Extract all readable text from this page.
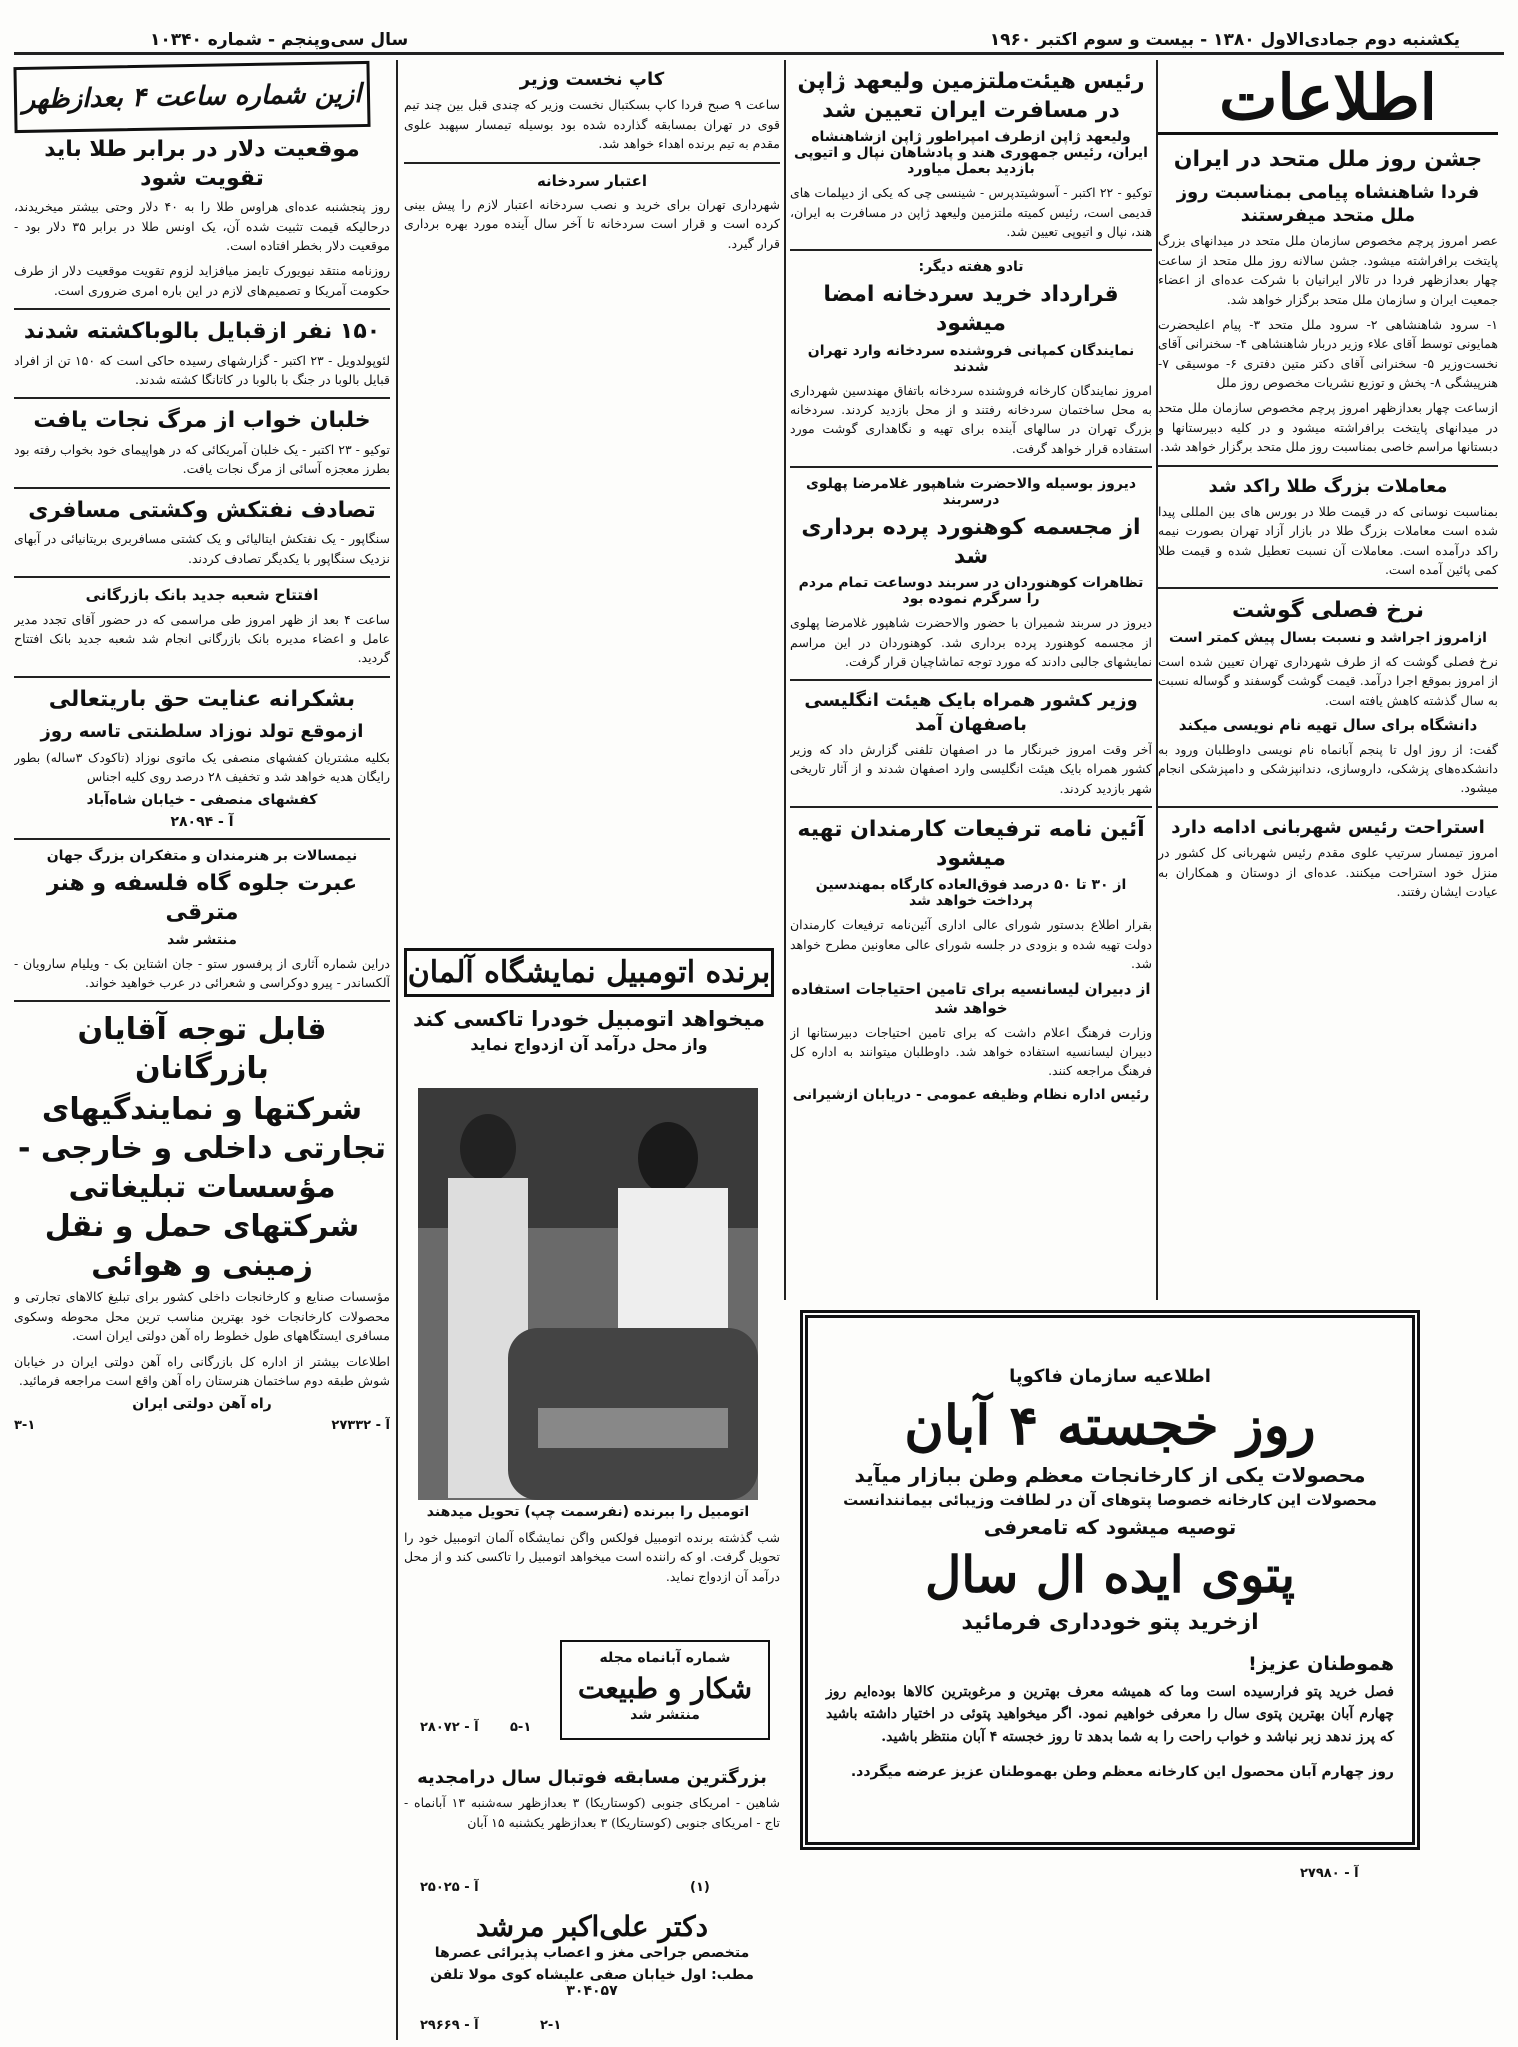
یکشنبه دوم جمادی‌الاول ۱۳۸۰ - بیست و سوم اکتبر ۱۹۶۰
سال سی‌وپنجم - شماره ۱۰۳۴۰
اطلاعات
ازین شماره ساعت ۴ بعدازظهر
جشن روز ملل متحد در ایران
فردا شاهنشاه پیامی بمناسبت روز ملل متحد میفرستند

عصر امروز پرچم مخصوص سازمان ملل متحد در میدانهای بزرگ پایتخت برافراشته میشود. جشن سالانه روز ملل متحد از ساعت چهار بعدازظهر فردا در تالار ایرانیان با شرکت عده‌ای از اعضاء جمعیت ایران و سازمان ملل متحد برگزار خواهد شد.

۱- سرود شاهنشاهی ۲- سرود ملل متحد ۳- پیام اعلیحضرت همایونی توسط آقای علاء وزیر دربار شاهنشاهی ۴- سخنرانی آقای نخست‌وزیر ۵- سخنرانی آقای دکتر متین دفتری ۶- موسیقی ۷- هنرپیشگی ۸- پخش و توزیع نشریات مخصوص روز ملل

ازساعت چهار بعدازظهر امروز پرچم مخصوص سازمان ملل متحد در میدانهای پایتخت برافراشته میشود و در کلیه دبیرستانها و دبستانها مراسم خاصی بمناسبت روز ملل متحد برگزار خواهد شد.

معاملات بزرگ طلا راکد شد

بمناسبت نوسانی که در قیمت طلا در بورس های بین المللی پیدا شده است معاملات بزرگ طلا در بازار آزاد تهران بصورت نیمه راکد درآمده است. معاملات آن نسبت تعطیل شده و قیمت طلا کمی پائین آمده است.

نرخ فصلی گوشت
ازامروز اجراشد و نسبت بسال پیش کمتر است

نرخ فصلی گوشت که از طرف شهرداری تهران تعیین شده است از امروز بموقع اجرا درآمد. قیمت گوشت گوسفند و گوساله نسبت به سال گذشته کاهش یافته است.

دانشگاه برای سال تهیه نام نویسی میکند

گفت: از روز اول تا پنجم آبانماه نام نویسی داوطلبان ورود به دانشکده‌های پزشکی، داروسازی، دندانپزشکی و دامپزشکی انجام میشود.

استراحت رئیس شهربانی ادامه دارد

امروز تیمسار سرتیپ علوی مقدم رئیس شهربانی کل کشور در منزل خود استراحت میکنند. عده‌ای از دوستان و همکاران به عیادت ایشان رفتند.

رئیس هیئت‌ملتزمین ولیعهد ژاپن در مسافرت ایران تعیین شد
ولیعهد ژاپن ازطرف امپراطور ژاپن ازشاهنشاه ایران، رئیس جمهوری هند و پادشاهان نپال و اتیوپی بازدید بعمل میاورد

توکیو - ۲۲ اکتبر - آسوشیتدپرس - شینسی چی که یکی از دیپلمات های قدیمی است، رئیس کمیته ملتزمین ولیعهد ژاپن در مسافرت به ایران، هند، نپال و اتیوپی تعیین شد.

تادو هفته دیگر:
قرارداد خرید سردخانه امضا میشود
نمایندگان کمپانی فروشنده سردخانه وارد تهران شدند

امروز نمایندگان کارخانه فروشنده سردخانه باتفاق مهندسین شهرداری به محل ساختمان سردخانه رفتند و از محل بازدید کردند. سردخانه بزرگ تهران در سالهای آینده برای تهیه و نگاهداری گوشت مورد استفاده قرار خواهد گرفت.

دیروز بوسیله والاحضرت شاهپور غلامرضا پهلوی درسربند
از مجسمه کوهنورد پرده برداری شد
تظاهرات کوهنوردان در سربند دوساعت تمام مردم را سرگرم نموده بود

دیروز در سربند شمیران با حضور والاحضرت شاهپور غلامرضا پهلوی از مجسمه کوهنورد پرده برداری شد. کوهنوردان در این مراسم نمایشهای جالبی دادند که مورد توجه تماشاچیان قرار گرفت.

وزیر کشور همراه بایک هیئت انگلیسی باصفهان آمد

آخر وقت امروز خبرنگار ما در اصفهان تلفنی گزارش داد که وزیر کشور همراه بایک هیئت انگلیسی وارد اصفهان شدند و از آثار تاریخی شهر بازدید کردند.

آئین نامه ترفیعات کارمندان تهیه میشود
از ۳۰ تا ۵۰ درصد فوق‌العاده کارگاه بمهندسین پرداخت خواهد شد

بقرار اطلاع بدستور شورای عالی اداری آئین‌نامه ترفیعات کارمندان دولت تهیه شده و بزودی در جلسه شورای عالی معاونین مطرح خواهد شد.

از دبیران لیسانسیه برای تامین احتیاجات استفاده خواهد شد

وزارت فرهنگ اعلام داشت که برای تامین احتیاجات دبیرستانها از دبیران لیسانسیه استفاده خواهد شد. داوطلبان میتوانند به اداره کل فرهنگ مراجعه کنند.

رئیس اداره نظام وظیفه عمومی - دریابان ازشیرانی
کاپ نخست وزیر

ساعت ۹ صبح فردا کاپ بسکتبال نخست وزیر که چندی قبل بین چند تیم قوی در تهران بمسابقه گذارده شده بود بوسیله تیمسار سپهبد علوی مقدم به تیم برنده اهداء خواهد شد.

اعتبار سردخانه

شهرداری تهران برای خرید و نصب سردخانه اعتبار لازم را پیش بینی کرده است و قرار است سردخانه تا آخر سال آینده مورد بهره برداری قرار گیرد.

برنده اتومبیل نمایشگاه آلمان
میخواهد اتومبیل خودرا تاکسی کند
واز محل درآمد آن ازدواج نماید
اتومبیل را ببرنده (نفرسمت چپ) تحویل میدهند

شب گذشته برنده اتومبیل فولکس واگن نمایشگاه آلمان اتومبیل خود را تحویل گرفت. او که راننده است میخواهد اتومبیل را تاکسی کند و از محل درآمد آن ازدواج نماید.

شماره آبانماه مجله
شکار و طبیعت
منتشر شد
آ - ۲۸۰۷۲ ۵-۱
بزرگترین مسابقه فوتبال سال درامجدیه

شاهین - امریکای جنوبی (کوستاریکا) ۳ بعدازظهر سه‌شنبه ۱۳ آبانماه - تاج - امریکای جنوبی (کوستاریکا) ۳ بعدازظهر یکشنبه ۱۵ آبان

آ - ۲۵۰۲۵	(۱)
دکتر علی‌اکبر مرشد
متخصص جراحی مغز و اعصاب پذیرائی عصرها
مطب: اول خیابان صفی علیشاه کوی مولا تلفن ۳۰۴۰۵۷
آ - ۲۹۶۶۹	۲-۱
موقعیت دلار در برابر طلا باید تقویت شود

روز پنجشنبه عده‌ای هراوس طلا را به ۴۰ دلار وحتی بیشتر میخریدند، درحالیکه قیمت تثبیت شده آن، یک اونس طلا در برابر ۳۵ دلار بود - موقعیت دلار بخطر افتاده است.

روزنامه منتقد نیویورک تایمز میافزاید لزوم تقویت موقعیت دلار از طرف حکومت آمریکا و تصمیم‌های لازم در این باره امری ضروری است.

۱۵۰ نفر ازقبایل بالوباکشته شدند

لئوپولدویل - ۲۳ اکتبر - گزارشهای رسیده حاکی است که ۱۵۰ تن از افراد قبایل بالوبا در جنگ با بالوبا در کاتانگا کشته شدند.

خلبان خواب از مرگ نجات یافت

توکیو - ۲۳ اکتبر - یک خلبان آمریکائی که در هواپیمای خود بخواب رفته بود بطرز معجزه آسائی از مرگ نجات یافت.

تصادف نفتکش وکشتی مسافری

سنگاپور - یک نفتکش ایتالیائی و یک کشتی مسافربری بریتانیائی در آبهای نزدیک سنگاپور با یکدیگر تصادف کردند.

افتتاح شعبه جدید بانک بازرگانی

ساعت ۴ بعد از ظهر امروز طی مراسمی که در حضور آقای تجدد مدیر عامل و اعضاء مدیره بانک بازرگانی انجام شد شعبه جدید بانک افتتاح گردید.

بشکرانه عنایت حق باریتعالی
ازموقع تولد نوزاد سلطنتی تاسه روز

بکلیه مشتریان کفشهای منصفی یک ماتوی نوزاد (تاکودک ۳ساله) بطور رایگان هدیه خواهد شد و تخفیف ۲۸ درصد روی کلیه اجناس

کفشهای منصفی - خیابان شاه‌آباد
آ - ۲۸۰۹۴
نیمسالات بر هنرمندان و متفکران بزرگ جهان
عبرت جلوه گاه فلسفه و هنر مترقی
منتشر شد

دراین شماره آثاری از پرفسور ستو - جان اشتاین بک - ویلیام سارویان - آلکساندر - پیرو دوکراسی و شعرائی در عرب خواهید خواند.

قابل توجه آقایان بازرگانان
شرکتها و نمایندگیهای تجارتی داخلی و خارجی - مؤسسات تبلیغاتی شرکتهای حمل و نقل زمینی و هوائی

مؤسسات صنایع و کارخانجات داخلی کشور برای تبلیغ کالاهای تجارتی و محصولات کارخانجات خود بهترین مناسب ترین محل محوطه وسکوی مسافری ایستگاههای طول خطوط راه آهن دولتی ایران است.

اطلاعات بیشتر از اداره کل بازرگانی راه آهن دولتی ایران در خیابان شوش طبقه دوم ساختمان هنرستان راه آهن واقع است مراجعه فرمائید.

راه آهن دولتی ایران
آ - ۲۷۳۳۲
۳-۱
اطلاعیه سازمان فاکوپا
روز خجسته ۴ آبان
محصولات یکی از کارخانجات معظم وطن ببازار میآید
محصولات این کارخانه خصوصا پتوهای آن در لطافت وزیبائی بیمانندانست
توصیه میشود که تامعرفی
پتوی ایده ال سال
ازخرید پتو خودداری فرمائید
هموطنان عزیز!
فصل خرید پتو فرارسیده است وما که همیشه معرف بهترین و مرغوبترین کالاها بوده‌ایم روز چهارم آبان بهترین پتوی سال را معرفی خواهیم نمود. اگر میخواهید پتوئی در اختیار داشته باشید که پرز ندهد زبر نباشد و خواب راحت را به شما بدهد تا روز خجسته ۴ آبان منتظر باشید.
روز چهارم آبان محصول این کارخانه معظم وطن بهموطنان عزیز عرضه میگردد.
آ - ۲۷۹۸۰
